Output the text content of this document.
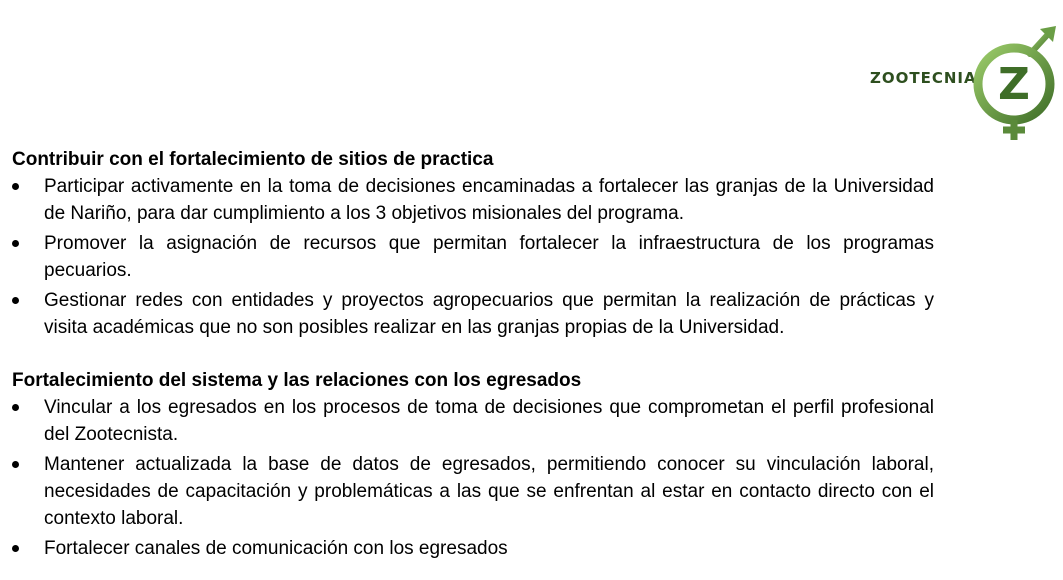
ZOOTECNIA Z

Contribuir con el fortalecimiento de sitios de practica

Participar activamente en la toma de decisiones encaminadas a fortalecer las granjas de la Universidad de Nariño, para dar cumplimiento a los 3 objetivos misionales del programa.
Promover la asignación de recursos que permitan fortalecer la infraestructura de los programas pecuarios.
Gestionar redes con entidades y proyectos agropecuarios que permitan la realización de prácticas y visita académicas que no son posibles realizar en las granjas propias de la Universidad.

Fortalecimiento del sistema y las relaciones con los egresados

Vincular a los egresados en los procesos de toma de decisiones que comprometan el perfil profesional del Zootecnista.
Mantener actualizada la base de datos de egresados, permitiendo conocer su vinculación laboral, necesidades de capacitación y problemáticas a las que se enfrentan al estar en contacto directo con el contexto laboral.
Fortalecer canales de comunicación con los egresados
